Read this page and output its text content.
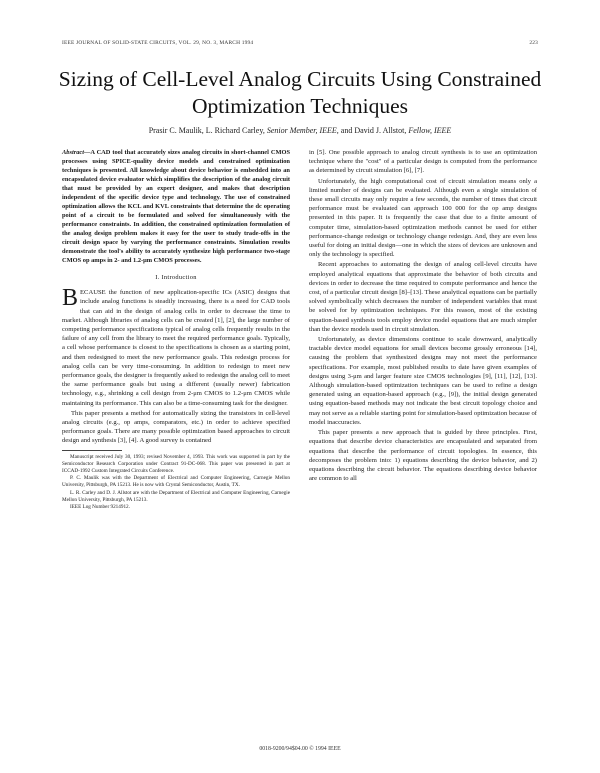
IEEE JOURNAL OF SOLID-STATE CIRCUITS, VOL. 29, NO. 3, MARCH 1994	223
Sizing of Cell-Level Analog Circuits Using Constrained Optimization Techniques
Prasir C. Maulik, L. Richard Carley, Senior Member, IEEE, and David J. Allstot, Fellow, IEEE
Abstract—A CAD tool that accurately sizes analog circuits in short-channel CMOS processes using SPICE-quality device models and constrained optimization techniques is presented. All knowledge about device behavior is embedded into an encapsulated device evaluator which simplifies the description of the analog circuit that must be provided by an expert designer, and makes that description independent of the specific device type and technology. The use of constrained optimization allows the KCL and KVL constraints that determine the dc operating point of a circuit to be formulated and solved for simultaneously with the performance constraints. In addition, the constrained optimization formulation of the analog design problem makes it easy for the user to study trade-offs in the circuit design space by varying the performance constraints. Simulation results demonstrate the tool's ability to accurately synthesize high performance two-stage CMOS op amps in 2- and 1.2-μm CMOS processes.
I. Introduction

BECAUSE the function of new application-specific ICs (ASIC) designs that include analog functions is steadily increasing, there is a need for CAD tools that can aid in the design of analog cells in order to decrease the time to market. Although libraries of analog cells can be created [1], [2], the large number of competing performance specifications typical of analog cells frequently results in the failure of any cell from the library to meet the required performance goals. Typically, a cell whose performance is closest to the specifications is chosen as a starting point, and then redesigned to meet the new performance goals. This redesign process for analog cells can be very time-consuming. In addition to redesign to meet new performance goals, the designer is frequently asked to redesign the analog cell to meet the same performance goals but using a different (usually newer) fabrication technology, e.g., shrinking a cell design from 2-μm CMOS to 1.2-μm CMOS while maintaining its performance. This can also be a time-consuming task for the designer.

This paper presents a method for automatically sizing the transistors in cell-level analog circuits (e.g., op amps, comparators, etc.) in order to achieve specified performance goals. There are many possible optimization based approaches to circuit design and synthesis [3], [4]. A good survey is contained

Manuscript received July 30, 1993; revised November 4, 1993. This work was supported in part by the Semiconductor Research Corporation under Contract 91-DC-068. This paper was presented in part at ICCAD-1992 Custom Integrated Circuits Conference.

P. C. Maulik was with the Department of Electrical and Computer Engineering, Carnegie Mellon University, Pittsburgh, PA 15213. He is now with Crystal Semiconductor, Austin, TX.

L. R. Carley and D. J. Allstot are with the Department of Electrical and Computer Engineering, Carnegie Mellon University, Pittsburgh, PA 15213.

IEEE Log Number 9214912.

in [5]. One possible approach to analog circuit synthesis is to use an optimization technique where the "cost" of a particular design is computed from the performance as determined by circuit simulation [6], [7].

Unfortunately, the high computational cost of circuit simulation means only a limited number of designs can be evaluated. Although even a single simulation of these small circuits may only require a few seconds, the number of times that circuit performance must be evaluated can approach 100 000 for the op amp designs presented in this paper. It is frequently the case that due to a finite amount of computer time, simulation-based optimization methods cannot be used for either performance-change redesign or technology change redesign. And, they are even less useful for doing an initial design—one in which the sizes of devices are unknown and only the technology is specified.

Recent approaches to automating the design of analog cell-level circuits have employed analytical equations that approximate the behavior of both circuits and devices in order to decrease the time required to compute performance and hence the cost, of a particular circuit design [8]–[13]. These analytical equations can be partially solved symbolically which decreases the number of independent variables that must be solved for by optimization techniques. For this reason, most of the existing equation-based synthesis tools employ device model equations that are much simpler than the device models used in circuit simulation.

Unfortunately, as device dimensions continue to scale downward, analytically tractable device model equations for small devices become grossly erroneous [14], causing the problem that synthesized designs may not meet the performance specifications. For example, most published results to date have given examples of designs using 3-μm and larger feature size CMOS technologies [9], [11], [12], [13]. Although simulation-based optimization techniques can be used to refine a design generated using an equation-based approach (e.g., [9]), the initial design generated using equation-based methods may not indicate the best circuit topology choice and may not serve as a reliable starting point for simulation-based optimization because of model inaccuracies.

This paper presents a new approach that is guided by three principles. First, equations that describe device characteristics are encapsulated and separated from equations that describe the performance of circuit topologies. In essence, this decomposes the problem into: 1) equations describing the device behavior, and 2) equations describing the circuit behavior. The equations describing device behavior are common to all

0018-9200/94$04.00 © 1994 IEEE
